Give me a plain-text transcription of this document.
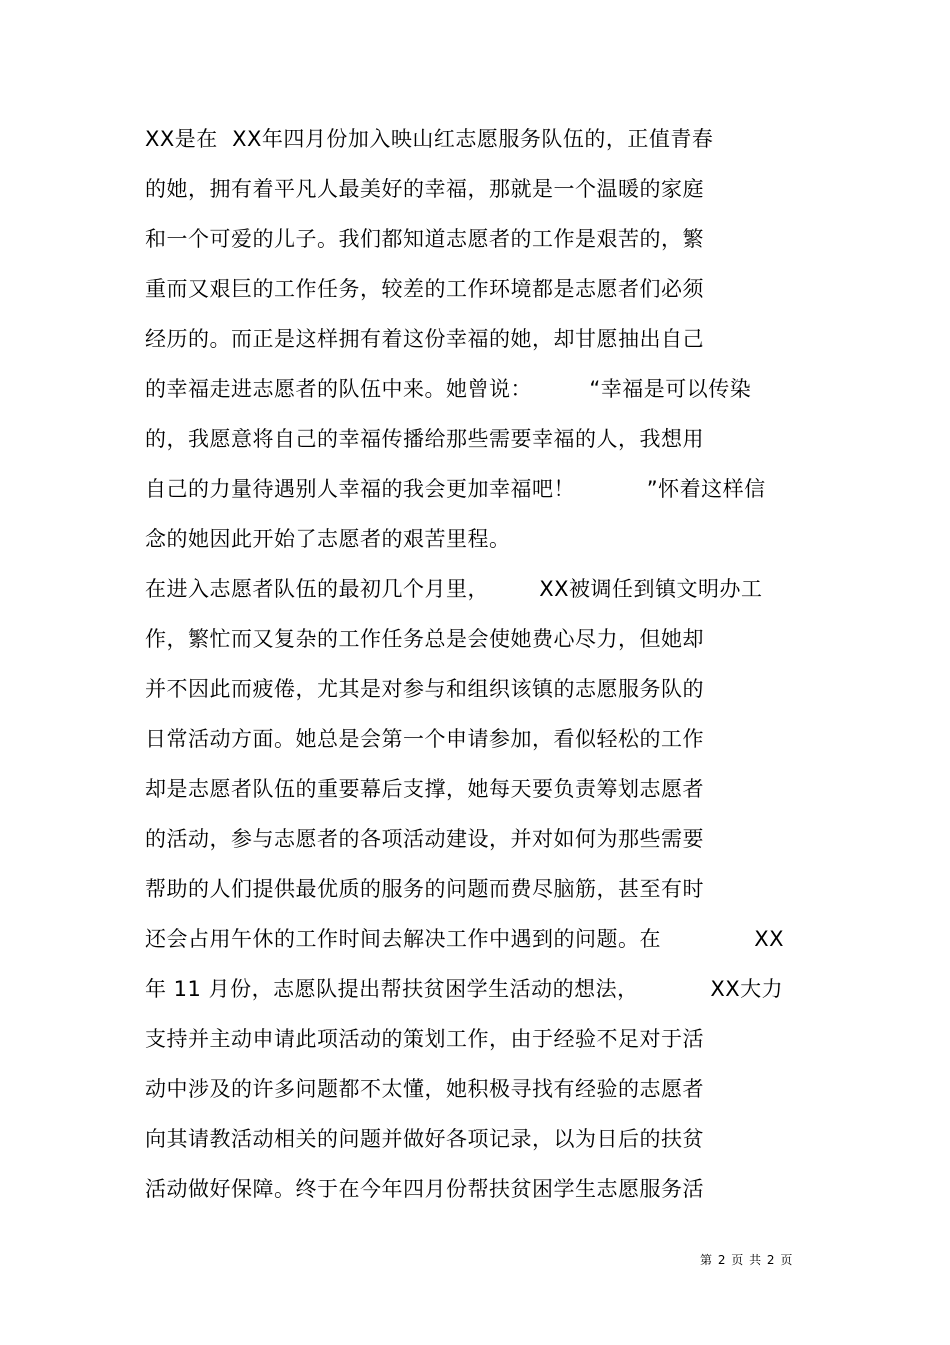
XX是在  XX年四月份加入映山红志愿服务队伍的，正值青春
的她，拥有着平凡人最美好的幸福，那就是一个温暖的家庭
和一个可爱的儿子。我们都知道志愿者的工作是艰苦的，繁
重而又艰巨的工作任务，较差的工作环境都是志愿者们必须
经历的。而正是这样拥有着这份幸福的她，却甘愿抽出自己
的幸福走进志愿者的队伍中来。她曾说：        “幸福是可以传染
的，我愿意将自己的幸福传播给那些需要幸福的人，我想用
自己的力量待遇别人幸福的我会更加幸福吧！          ”怀着这样信
念的她因此开始了志愿者的艰苦里程。
在进入志愿者队伍的最初几个月里，       XX被调任到镇文明办工
作，繁忙而又复杂的工作任务总是会使她费心尽力，但她却
并不因此而疲倦，尤其是对参与和组织该镇的志愿服务队的
日常活动方面。她总是会第一个申请参加，看似轻松的工作
却是志愿者队伍的重要幕后支撑，她每天要负责筹划志愿者
的活动，参与志愿者的各项活动建设，并对如何为那些需要
帮助的人们提供最优质的服务的问题而费尽脑筋，甚至有时
还会占用午休的工作时间去解决工作中遇到的问题。在             XX
年 11 月份，志愿队提出帮扶贫困学生活动的想法，          XX大力
支持并主动申请此项活动的策划工作，由于经验不足对于活
动中涉及的许多问题都不太懂，她积极寻找有经验的志愿者
向其请教活动相关的问题并做好各项记录，以为日后的扶贫
活动做好保障。终于在今年四月份帮扶贫困学生志愿服务活
第 2 页 共 2 页
